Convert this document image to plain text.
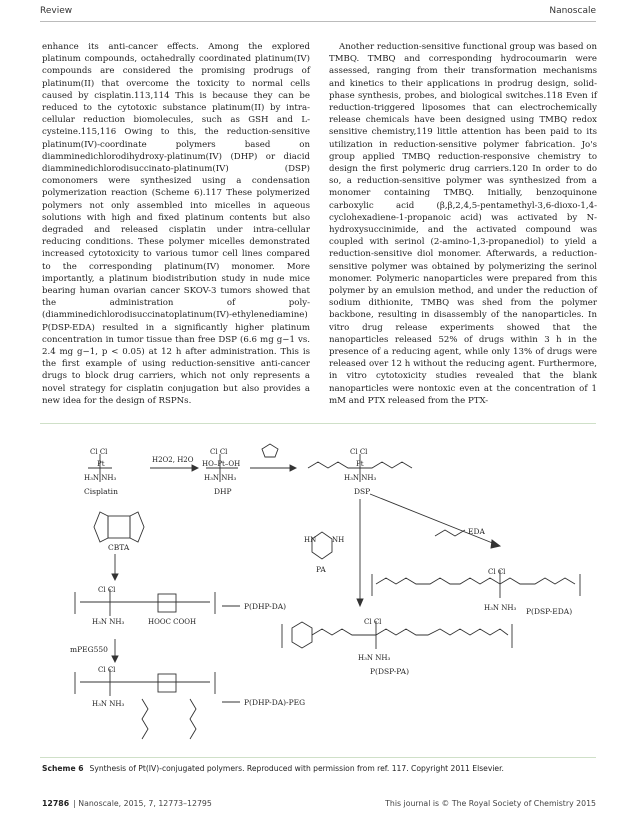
Review	Nanoscale

enhance its anti-cancer effects. Among the explored platinum compounds, octahedrally coordinated platinum(IV) compounds are considered the promising prodrugs of platinum(II) that overcome the toxicity to normal cells caused by cisplatin.113,114 This is because they can be reduced to the cytotoxic substance platinum(II) by intra-cellular reduction biomolecules, such as GSH and L-cysteine.115,116 Owing to this, the reduction-sensitive platinum(IV)-coordinate polymers based on diamminedichlorodihydroxy-platinum(IV) (DHP) or diacid diamminedichlorodisuccinato-platinum(IV) (DSP) comonomers were synthesized using a condensation polymerization reaction (Scheme 6).117 These polymerized polymers not only assembled into micelles in aqueous solutions with high and fixed platinum contents but also degraded and released cisplatin under intra-cellular reducing conditions. These polymer micelles demonstrated increased cytotoxicity to various tumor cell lines compared to the corresponding platinum(IV) monomer. More importantly, a platinum biodistribution study in nude mice bearing human ovarian cancer SKOV-3 tumors showed that the administration of poly-(diamminedichlorodisuccinatoplatinum(IV)-ethylenediamine) P(DSP-EDA) resulted in a significantly higher platinum concentration in tumor tissue than free DSP (6.6 mg g−1 vs. 2.4 mg g−1, p < 0.05) at 12 h after administration. This is the first example of using reduction-sensitive anti-cancer drugs to block drug carriers, which not only represents a novel strategy for cisplatin conjugation but also provides a new idea for the design of RSPNs.

Another reduction-sensitive functional group was based on TMBQ. TMBQ and corresponding hydrocoumarin were assessed, ranging from their transformation mechanisms and kinetics to their applications in prodrug design, solid-phase synthesis, probes, and biological switches.118 Even if reduction-triggered liposomes that can electrochemically release chemicals have been designed using TMBQ redox sensitive chemistry,119 little attention has been paid to its utilization in reduction-sensitive polymer fabrication. Jo's group applied TMBQ reduction-responsive chemistry to design the first polymeric drug carriers.120 In order to do so, a reduction-sensitive polymer was synthesized from a monomer containing TMBQ. Initially, benzoquinone carboxylic acid (β,β,2,4,5-pentamethyl-3,6-dioxo-1,4-cyclohexadiene-1-propanoic acid) was activated by N-hydroxysuccinimide, and the activated compound was coupled with serinol (2-amino-1,3-propanediol) to yield a reduction-sensitive diol monomer. Afterwards, a reduction-sensitive polymer was obtained by polymerizing the serinol monomer. Polymeric nanoparticles were prepared from this polymer by an emulsion method, and under the reduction of sodium dithionite, TMBQ was shed from the polymer backbone, resulting in disassembly of the nanoparticles. In vitro drug release experiments showed that the nanoparticles released 52% of drugs within 3 h in the presence of a reducing agent, while only 13% of drugs were released over 12 h without the reducing agent. Furthermore, in vitro cytotoxicity studies revealed that the blank nanoparticles were nontoxic even at the concentration of 1 mM and PTX released from the PTX-

Cl Cl
Pt
H₃N NH₃
Cisplatin
H2O2, H2O
Cl Cl
HO–Pt–OH
H₃N NH₃
DHP
Cl Cl
Pt
H₃N NH₃
DSP
CBTA
EDA
HN NH
PA
Cl Cl
H₃N NH₃	HOOC COOH
P(DHP-DA)
mPEG550
Cl Cl
H₃N NH₃	P(DHP-DA)-PEG
Cl Cl
H₃N NH₃ P(DSP-EDA)
Cl Cl
H₃N NH₃
P(DSP-PA)
Scheme 6 Synthesis of Pt(IV)-conjugated polymers. Reproduced with permission from ref. 117. Copyright 2011 Elsevier.
12786 | Nanoscale, 2015, 7, 12773–12795	This journal is © The Royal Society of Chemistry 2015
